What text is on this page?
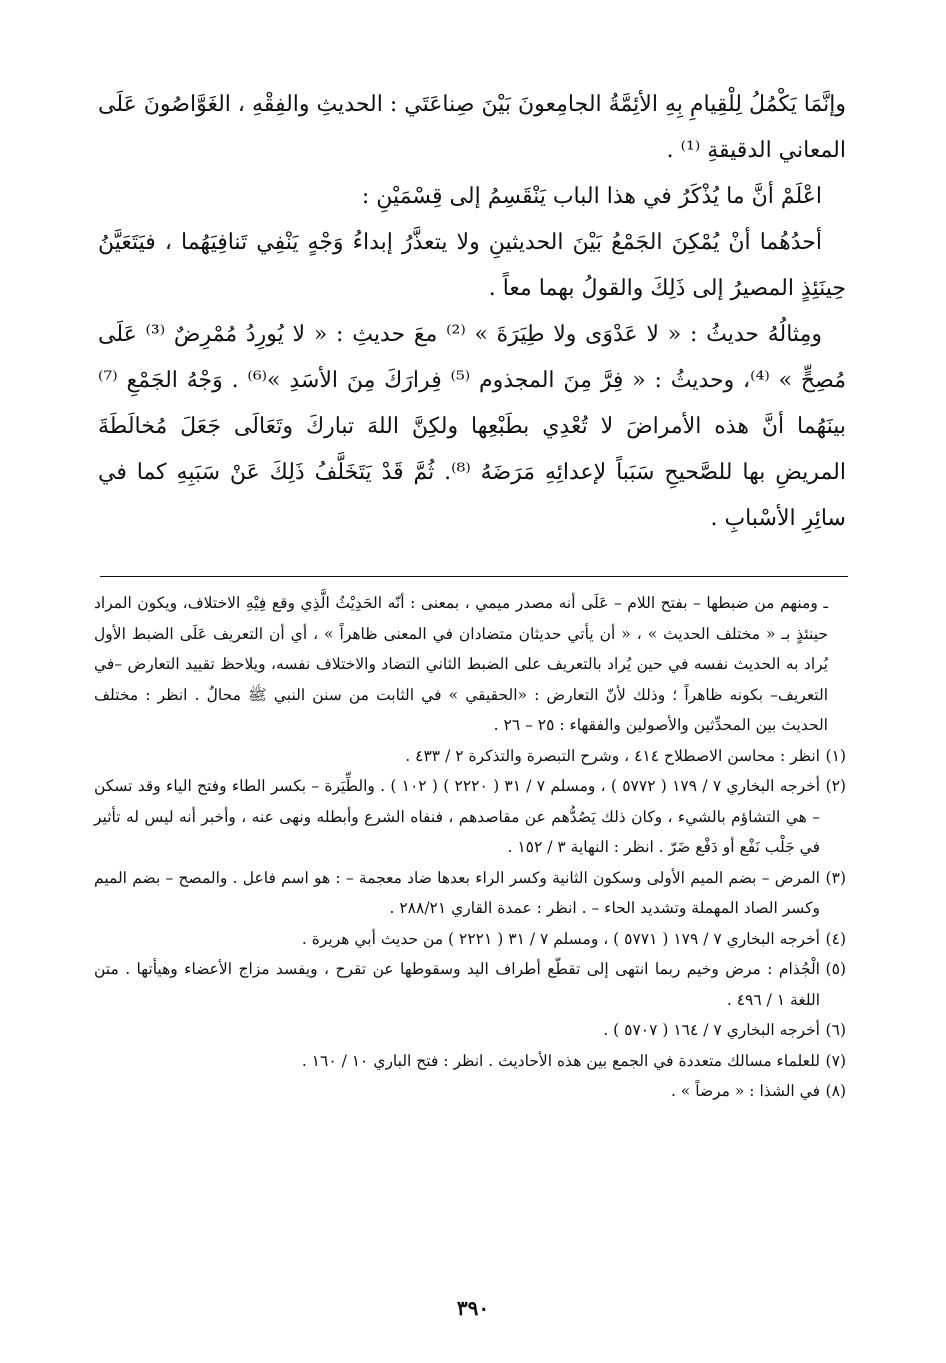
وإنَّمَا يَكْمُلُ لِلْقِيامِ بِهِ الأئِمَّةُ الجامِعونَ بَيْنَ صِناعَتَي : الحديثِ والفِقْهِ ، الغَوَّاصُونَ عَلَى المعاني الدقيقةِ ⁽¹⁾ .

اعْلَمْ أنَّ ما يُذْكَرُ في هذا الباب يَنْقَسِمُ إلى قِسْمَيْنِ :

أحدُهُما أنْ يُمْكِنَ الجَمْعُ بَيْنَ الحديثينِ ولا يتعذَّرُ إبداءُ وَجْهٍ يَنْفِي تَنافِيَهُما ، فيَتَعَيَّنُ حِينَئِذٍ المصيرُ إلى ذَلِكَ والقولُ بهما معاً .

ومِثالُهُ حديثُ : « لا عَدْوَى ولا طِيَرَةَ » ⁽²⁾ معَ حديثِ : « لا يُورِدُ مُمْرِضٌ ⁽³⁾ عَلَى مُصِحٍّ » ⁽⁴⁾، وحديثُ : « فِرَّ مِنَ المجذوم ⁽⁵⁾ فِرارَكَ مِنَ الأسَدِ »⁽⁶⁾ . وَجْهُ الجَمْعِ ⁽⁷⁾ بينَهُما أنَّ هذه الأمراضَ لا تُعْدِي بطَبْعِها ولكِنَّ اللهَ تباركَ وتَعَالَى جَعَلَ مُخالَطَةَ المريضِ بها للصَّحيحِ سَبَباً لإعدائِهِ مَرَضَهُ ⁽⁸⁾. ثُمَّ قَدْ يَتَخَلَّفُ ذَلِكَ عَنْ سَبَبِهِ كما في سائِرِ الأسْبابِ .

ـ ومنهم من ضبطها – بفتح اللام – عَلَى أنه مصدر ميمي ، بمعنى : أنّه الحَدِيْثُ الَّذِي وقع فِيْهِ الاختلاف، ويكون المراد حينئذٍ بـ « مختلف الحديث » ، « أن يأتي حديثان متضادان في المعنى ظاهراً » ، أي أن التعريف عَلَى الضبط الأول يُراد به الحديث نفسه في حين يُراد بالتعريف على الضبط الثاني التضاد والاختلاف نفسه، ويلاحظ تقييد التعارض –في التعريف– بكونه ظاهراً ؛ وذلك لأنّ التعارض : «الحقيقي » في الثابت من سنن النبي ﷺ محالٌ . انظر : مختلف الحديث بين المحدِّثين والأصولين والفقهاء : ٢٥ – ٢٦ .

(١)انظر : محاسن الاصطلاح ٤١٤ ، وشرح التبصرة والتذكرة ٢ / ٤٣٣ .

(٢)أخرجه البخاري ٧ / ١٧٩ ( ٥٧٧٢ ) ، ومسلم ٧ / ٣١ ( ٢٢٢٠ ) ( ١٠٢ ) . والطِّيَرة – بكسر الطاء وفتح الياء وقد تسكن – هي التشاؤم بالشيء ، وكان ذلك يَصُدُّهم عن مقاصدهم ، فنفاه الشرع وأبطله ونهى عنه ، وأخبر أنه ليس له تأثير في جَلْب نَفْع أو دَفْع ضَرّ . انظر : النهاية ٣ / ١٥٢ .

(٣)المرض – بضم الميم الأولى وسكون الثانية وكسر الراء بعدها ضاد معجمة – : هو اسم فاعل . والمصح – بضم الميم وكسر الصاد المهملة وتشديد الحاء – . انظر : عمدة القاري ٢٨٨/٢١ .

(٤)أخرجه البخاري ٧ / ١٧٩ ( ٥٧٧١ ) ، ومسلم ٧ / ٣١ ( ٢٢٢١ ) من حديث أبي هريرة .

(٥)الْجُذام : مرض وخيم ربما انتهى إلى تقطّع أطراف اليد وسقوطها عن تقرح ، ويفسد مزاج الأعضاء وهيأتها . متن اللغة ١ / ٤٩٦ .

(٦)أخرجه البخاري ٧ / ١٦٤ ( ٥٧٠٧ ) .

(٧)للعلماء مسالك متعددة في الجمع بين هذه الأحاديث . انظر : فتح الباري ١٠ / ١٦٠ .

(٨)في الشذا : « مرضاً » .

٣٩٠
